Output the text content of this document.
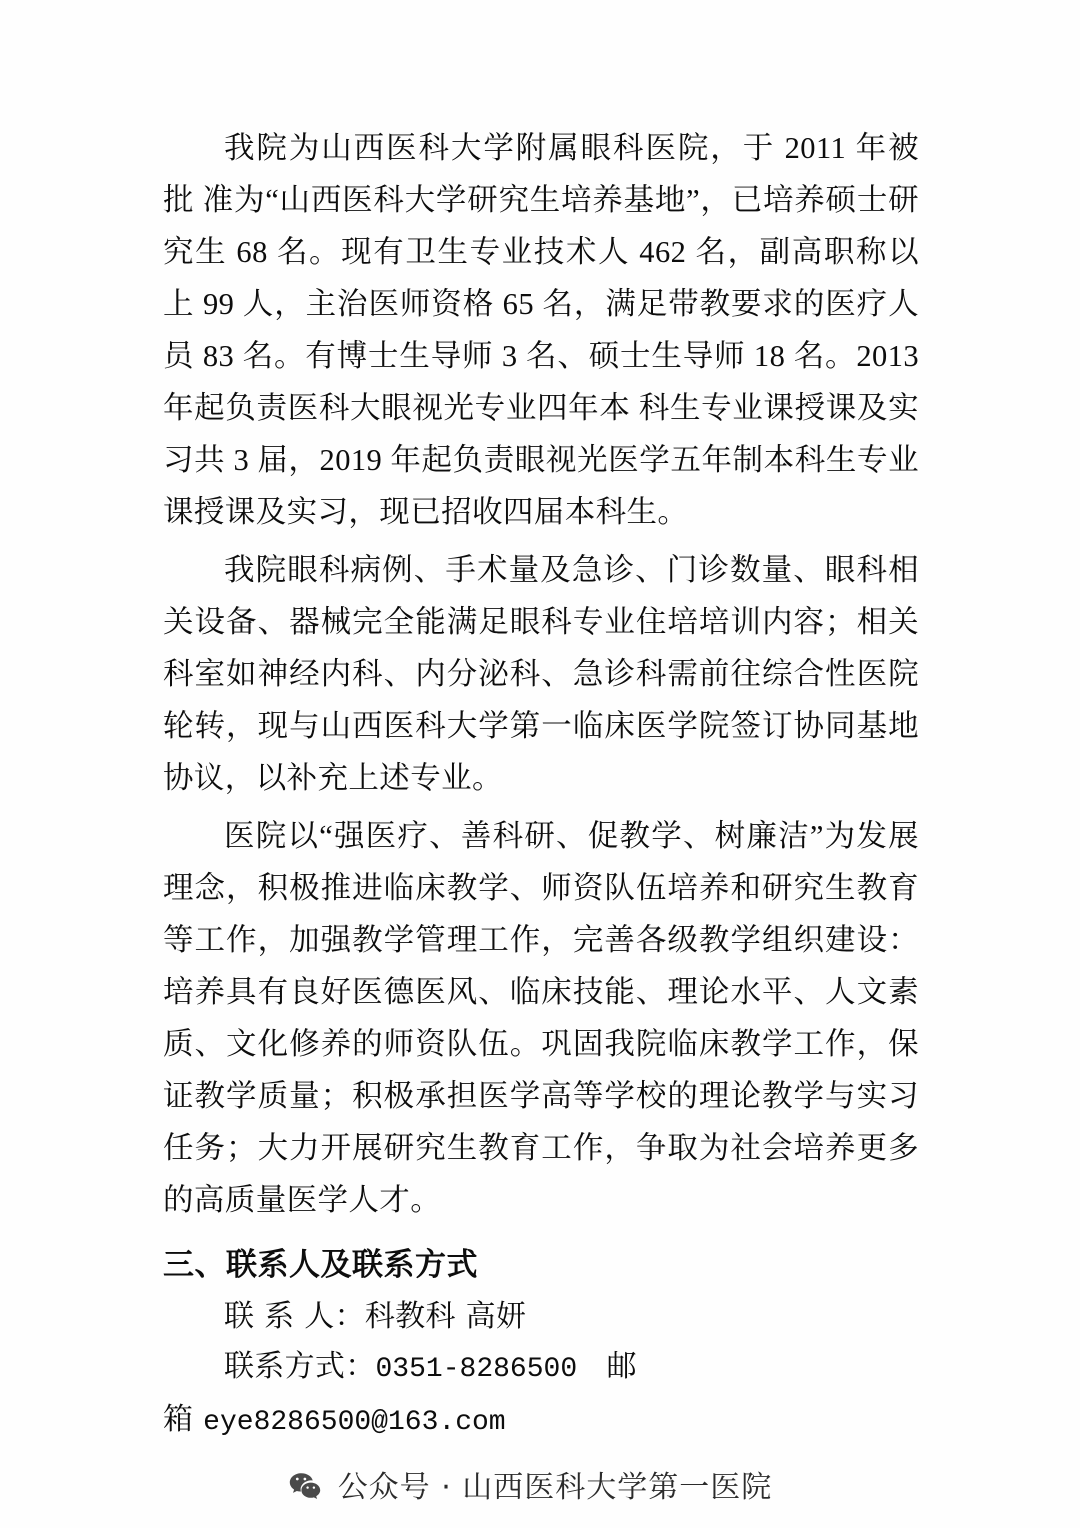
我院为山西医科大学附属眼科医院，于 2011 年被批 准为“山西医科大学研究生培养基地”，已培养硕士研究生 68 名。现有卫生专业技术人 462 名，副高职称以上 99 人，主治医师资格 65 名，满足带教要求的医疗人员 83 名。有博士生导师 3 名、硕士生导师 18 名。2013 年起负责医科大眼视光专业四年本 科生专业课授课及实习共 3 届，2019 年起负责眼视光医学五年制本科生专业课授课及实习，现已招收四届本科生。

我院眼科病例、手术量及急诊、门诊数量、眼科相关设备、器械完全能满足眼科专业住培培训内容；相关科室如神经内科、内分泌科、急诊科需前往综合性医院轮转，现与山西医科大学第一临床医学院签订协同基地协议，以补充上述专业。

医院以“强医疗、善科研、促教学、树廉洁”为发展理念，积极推进临床教学、师资队伍培养和研究生教育等工作，加强教学管理工作，完善各级教学组织建设：培养具有良好医德医风、临床技能、理论水平、人文素质、文化修养的师资队伍。巩固我院临床教学工作，保证教学质量；积极承担医学高等学校的理论教学与实习任务；大力开展研究生教育工作，争取为社会培养更多的高质量医学人才。

三、联系人及联系方式

联 系 人：科教科 高妍

联系方式：0351-8286500 邮箱 eye8286500@163.com

公众号 · 山西医科大学第一医院
